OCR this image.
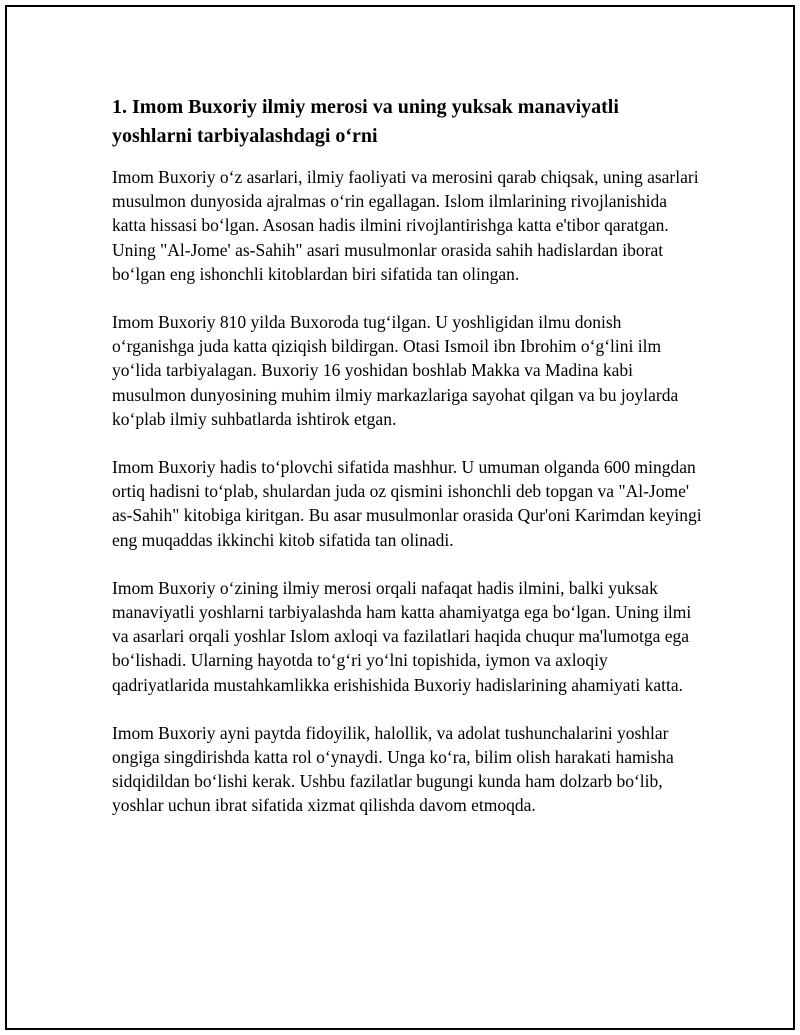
1. Imom Buxoriy ilmiy merosi va uning yuksak manaviyatli yoshlarni tarbiyalashdagi o‘rni

Imom Buxoriy o‘z asarlari, ilmiy faoliyati va merosini qarab chiqsak, uning asarlari musulmon dunyosida ajralmas o‘rin egallagan. Islom ilmlarining rivojlanishida katta hissasi bo‘lgan. Asosan hadis ilmini rivojlantirishga katta e'tibor qaratgan. Uning "Al-Jome' as-Sahih" asari musulmonlar orasida sahih hadislardan iborat bo‘lgan eng ishonchli kitoblardan biri sifatida tan olingan.

Imom Buxoriy 810 yilda Buxoroda tug‘ilgan. U yoshligidan ilmu donish o‘rganishga juda katta qiziqish bildirgan. Otasi Ismoil ibn Ibrohim o‘g‘lini ilm yo‘lida tarbiyalagan. Buxoriy 16 yoshidan boshlab Makka va Madina kabi musulmon dunyosining muhim ilmiy markazlariga sayohat qilgan va bu joylarda ko‘plab ilmiy suhbatlarda ishtirok etgan.

Imom Buxoriy hadis to‘plovchi sifatida mashhur. U umuman olganda 600 mingdan ortiq hadisni to‘plab, shulardan juda oz qismini ishonchli deb topgan va "Al-Jome' as-Sahih" kitobiga kiritgan. Bu asar musulmonlar orasida Qur'oni Karimdan keyingi eng muqaddas ikkinchi kitob sifatida tan olinadi.

Imom Buxoriy o‘zining ilmiy merosi orqali nafaqat hadis ilmini, balki yuksak manaviyatli yoshlarni tarbiyalashda ham katta ahamiyatga ega bo‘lgan. Uning ilmi va asarlari orqali yoshlar Islom axloqi va fazilatlari haqida chuqur ma'lumotga ega bo‘lishadi. Ularning hayotda to‘g‘ri yo‘lni topishida, iymon va axloqiy qadriyatlarida mustahkamlikka erishishida Buxoriy hadislarining ahamiyati katta.

Imom Buxoriy ayni paytda fidoyilik, halollik, va adolat tushunchalarini yoshlar ongiga singdirishda katta rol o‘ynaydi. Unga ko‘ra, bilim olish harakati hamisha sidqidildan bo‘lishi kerak. Ushbu fazilatlar bugungi kunda ham dolzarb bo‘lib, yoshlar uchun ibrat sifatida xizmat qilishda davom etmoqda.
